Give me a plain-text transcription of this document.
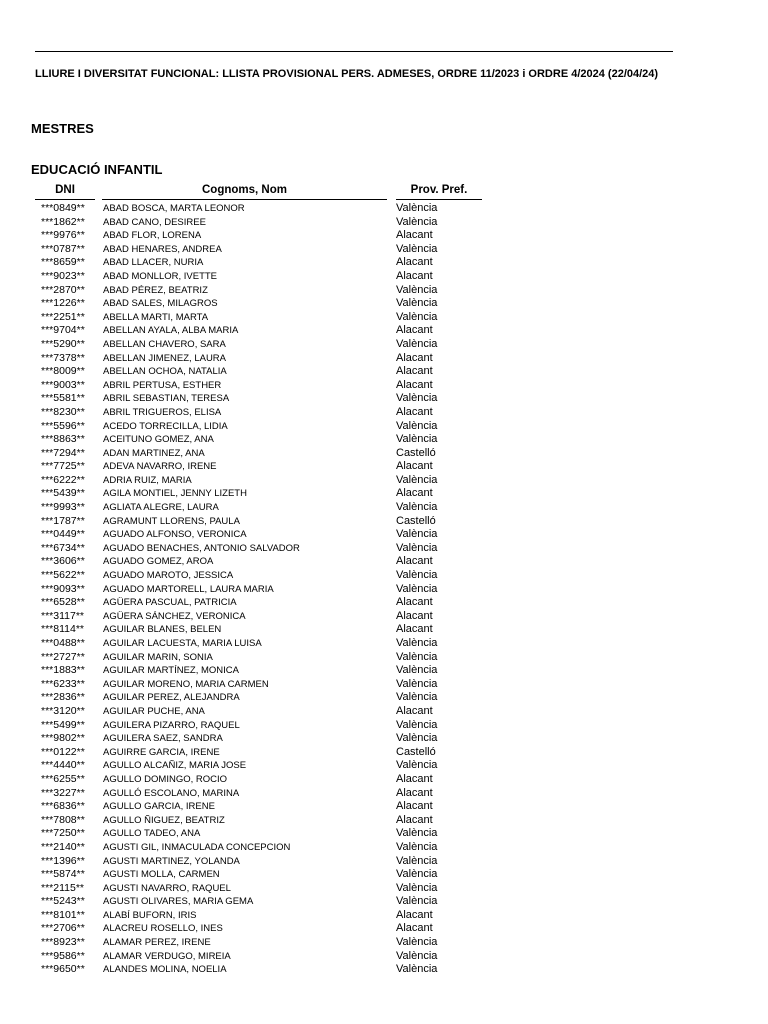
LLIURE I DIVERSITAT FUNCIONAL: LLISTA PROVISIONAL PERS. ADMESES, ORDRE 11/2023 i ORDRE 4/2024 (22/04/24)
MESTRES
EDUCACIÓ INFANTIL
DNI	Cognoms, Nom	Prov. Pref.
***0849** ABAD BOSCA, MARTA LEONOR	València
***1862** ABAD CANO, DESIREE	València
***9976** ABAD FLOR, LORENA	Alacant
***0787** ABAD HENARES, ANDREA	València
***8659** ABAD LLACER, NURIA	Alacant
***9023** ABAD MONLLOR, IVETTE	Alacant
***2870** ABAD PÉREZ, BEATRIZ	València
***1226** ABAD SALES, MILAGROS	València
***2251** ABELLA MARTI, MARTA	València
***9704** ABELLAN AYALA, ALBA MARIA	Alacant
***5290** ABELLAN CHAVERO, SARA	València
***7378** ABELLAN JIMENEZ, LAURA	Alacant
***8009** ABELLAN OCHOA, NATALIA	Alacant
***9003** ABRIL PERTUSA, ESTHER	Alacant
***5581** ABRIL SEBASTIAN, TERESA	València
***8230** ABRIL TRIGUEROS, ELISA	Alacant
***5596** ACEDO TORRECILLA, LIDIA	València
***8863** ACEITUNO GOMEZ, ANA	València
***7294** ADAN MARTINEZ, ANA	Castelló
***7725** ADEVA NAVARRO, IRENE	Alacant
***6222** ADRIA RUIZ, MARIA	València
***5439** AGILA MONTIEL, JENNY LIZETH	Alacant
***9993** AGLIATA ALEGRE, LAURA	València
***1787** AGRAMUNT LLORENS, PAULA	Castelló
***0449** AGUADO ALFONSO, VERONICA	València
***6734** AGUADO BENACHES, ANTONIO SALVADOR	València
***3606** AGUADO GOMEZ, AROA	Alacant
***5622** AGUADO MAROTO, JESSICA	València
***9093** AGUADO MARTORELL, LAURA MARIA	València
***6528** AGÜERA PASCUAL, PATRICIA	Alacant
***3117** AGÜERA SÁNCHEZ, VERONICA	Alacant
***8114** AGUILAR BLANES, BELEN	Alacant
***0488** AGUILAR LACUESTA, MARIA LUISA	València
***2727** AGUILAR MARIN, SONIA	València
***1883** AGUILAR MARTÍNEZ, MONICA	València
***6233** AGUILAR MORENO, MARIA CARMEN	València
***2836** AGUILAR PEREZ, ALEJANDRA	València
***3120** AGUILAR PUCHE, ANA	Alacant
***5499** AGUILERA PIZARRO, RAQUEL	València
***9802** AGUILERA SAEZ, SANDRA	València
***0122** AGUIRRE GARCIA, IRENE	Castelló
***4440** AGULLO ALCAÑIZ, MARIA JOSE	València
***6255** AGULLO DOMINGO, ROCIO	Alacant
***3227** AGULLÓ ESCOLANO, MARINA	Alacant
***6836** AGULLO GARCIA, IRENE	Alacant
***7808** AGULLO ÑIGUEZ, BEATRIZ	Alacant
***7250** AGULLO TADEO, ANA	València
***2140** AGUSTI GIL, INMACULADA CONCEPCION	València
***1396** AGUSTI MARTINEZ, YOLANDA	València
***5874** AGUSTI MOLLA, CARMEN	València
***2115** AGUSTI NAVARRO, RAQUEL	València
***5243** AGUSTI OLIVARES, MARIA GEMA	València
***8101** ALABÍ BUFORN, IRIS	Alacant
***2706** ALACREU ROSELLO, INES	Alacant
***8923** ALAMAR PEREZ, IRENE	València
***9586** ALAMAR VERDUGO, MIREIA	València
***9650** ALANDES MOLINA, NOELIA	València
